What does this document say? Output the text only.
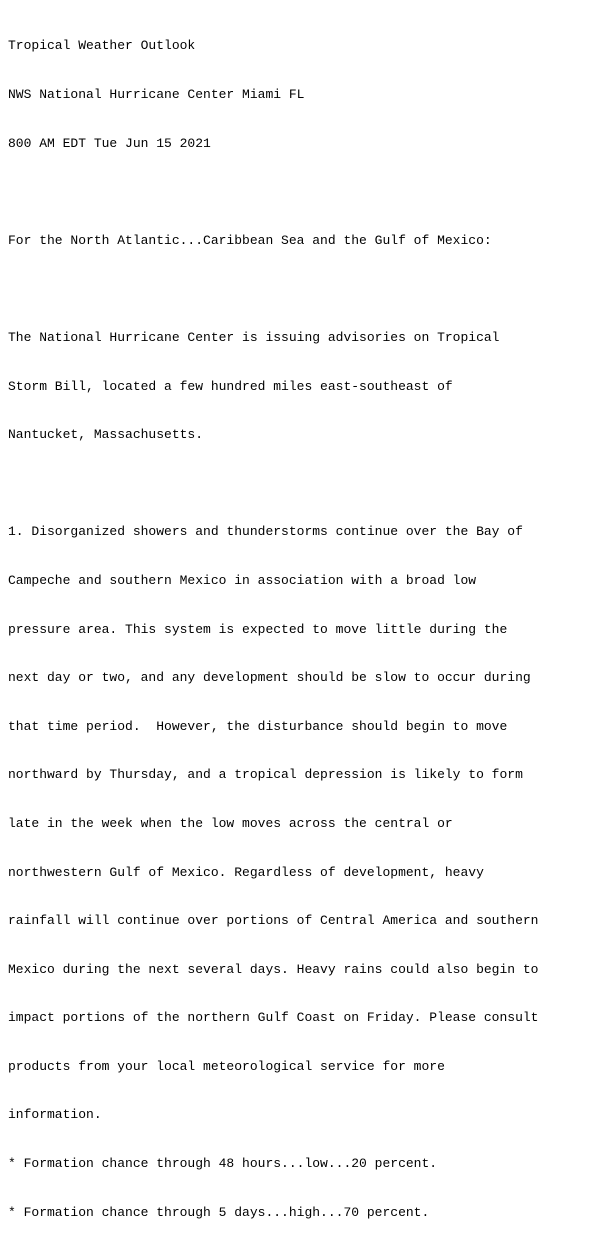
Tropical Weather Outlook

NWS National Hurricane Center Miami FL

800 AM EDT Tue Jun 15 2021

For the North Atlantic...Caribbean Sea and the Gulf of Mexico:

The National Hurricane Center is issuing advisories on Tropical

Storm Bill, located a few hundred miles east-southeast of

Nantucket, Massachusetts.

1. Disorganized showers and thunderstorms continue over the Bay of

Campeche and southern Mexico in association with a broad low

pressure area. This system is expected to move little during the

next day or two, and any development should be slow to occur during

that time period.  However, the disturbance should begin to move

northward by Thursday, and a tropical depression is likely to form

late in the week when the low moves across the central or

northwestern Gulf of Mexico. Regardless of development, heavy

rainfall will continue over portions of Central America and southern

Mexico during the next several days. Heavy rains could also begin to

impact portions of the northern Gulf Coast on Friday. Please consult

products from your local meteorological service for more

information.

* Formation chance through 48 hours...low...20 percent.

* Formation chance through 5 days...high...70 percent.
